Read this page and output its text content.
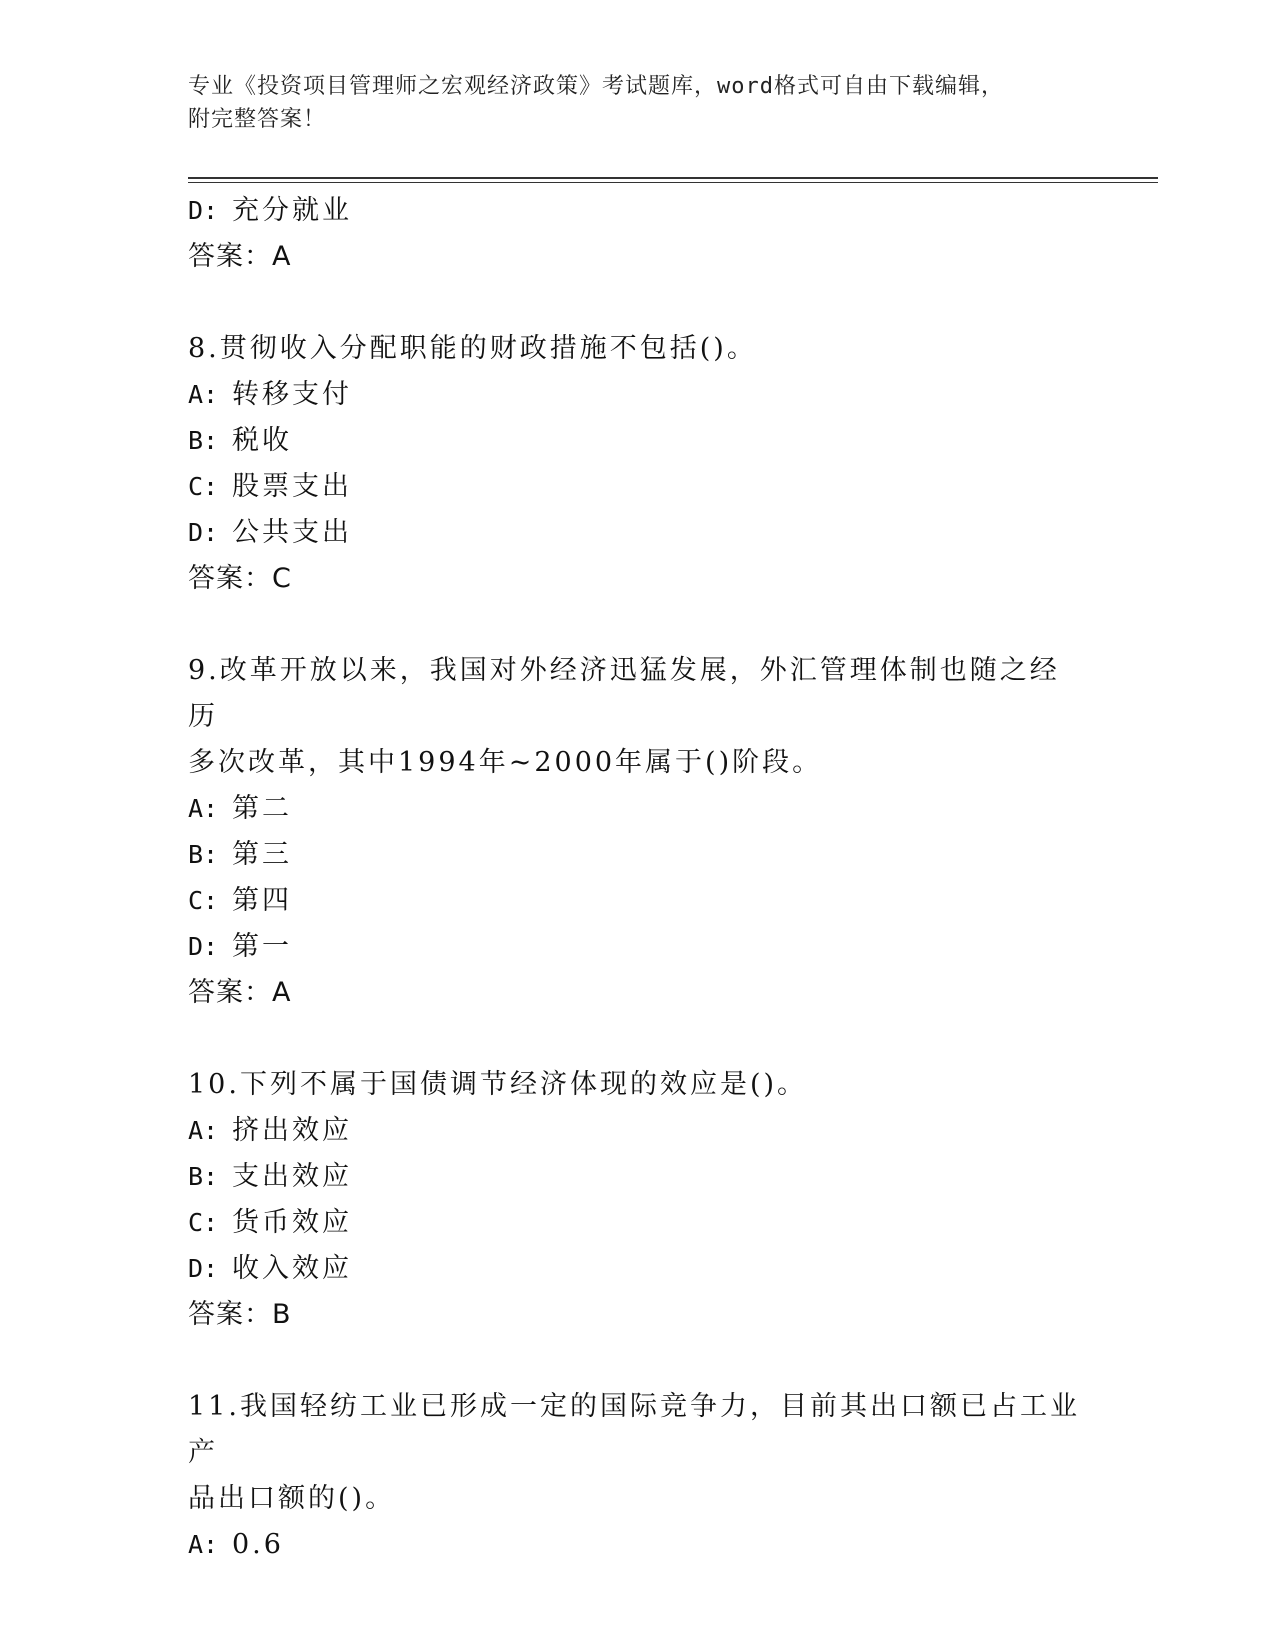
专业《投资项目管理师之宏观经济政策》考试题库，word格式可自由下载编辑，
附完整答案！
D: 充分就业
答案：A
8.贯彻收入分配职能的财政措施不包括()。
A: 转移支付
B: 税收
C: 股票支出
D: 公共支出
答案：C
9.改革开放以来，我国对外经济迅猛发展，外汇管理体制也随之经历
多次改革，其中1994年~2000年属于()阶段。
A: 第二
B: 第三
C: 第四
D: 第一
答案：A
10.下列不属于国债调节经济体现的效应是()。
A: 挤出效应
B: 支出效应
C: 货币效应
D: 收入效应
答案：B
11.我国轻纺工业已形成一定的国际竞争力，目前其出口额已占工业产
品出口额的()。
A: 0.6
